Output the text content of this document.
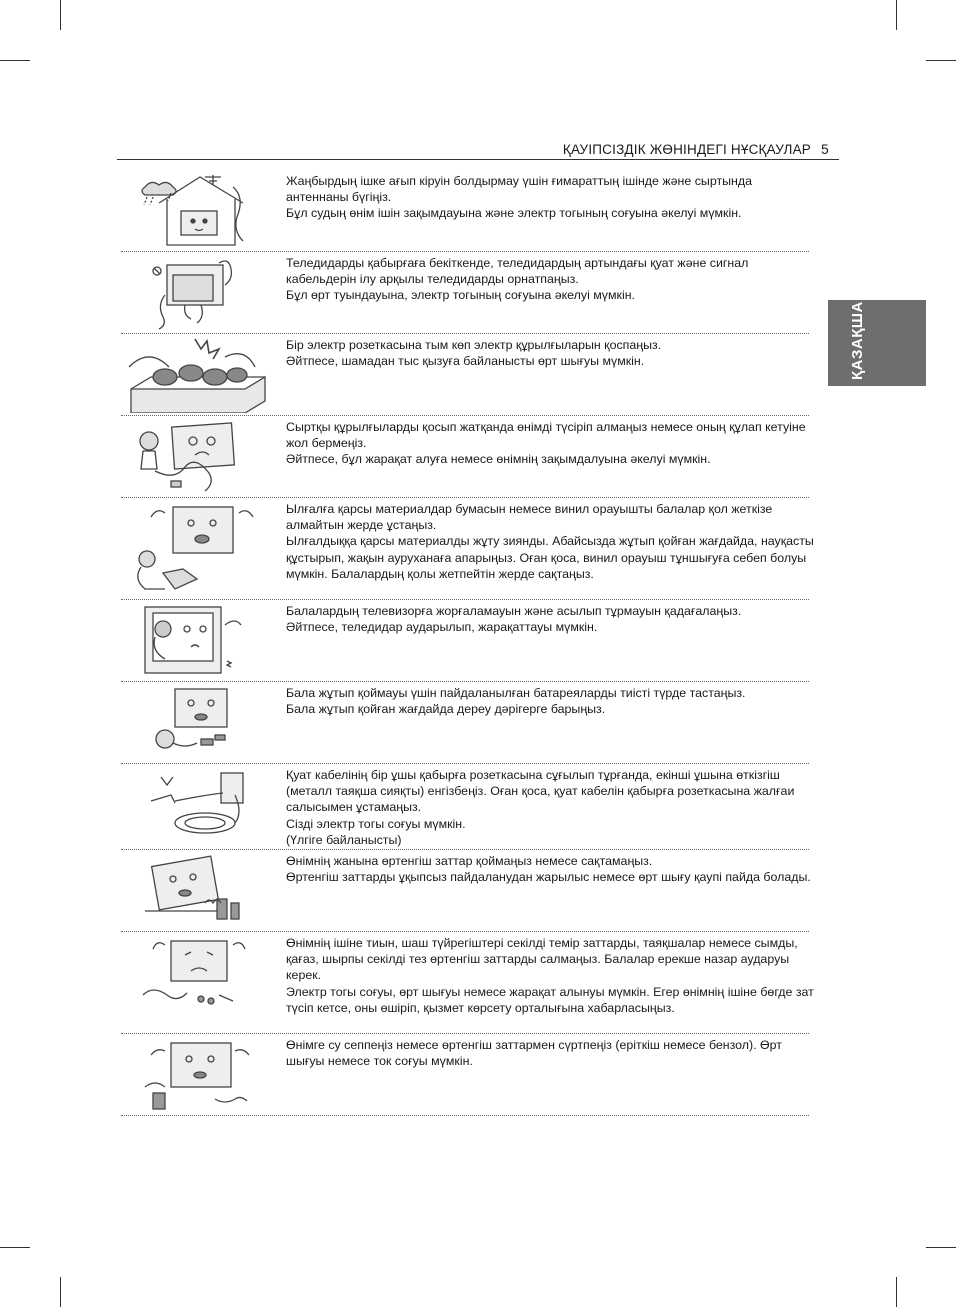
ҚАУІПСІЗДІК ЖӨНІНДЕГІ НҰСҚАУЛАР 5
ҚАЗАҚША

Жаңбырдың ішке ағып кіруін болдырмау үшін ғимараттың ішінде және сыртында антеннаны бүгіңіз.

Бұл судың өнім ішін зақымдауына және электр тогының соғуына әкелуі мүмкін.

Теледидарды қабырғаға бекіткенде, теледидардың артындағы қуат және сигнал кабельдерін ілу арқылы теледидарды орнатпаңыз.

Бұл өрт туындауына, электр тогының соғуына әкелуі мүмкін.

Бір электр розеткасына тым көп электр құрылғыларын қоспаңыз.

Әйтпесе, шамадан тыс қызуға байланысты өрт шығуы мүмкін.

Сыртқы құрылғыларды қосып жатқанда өнімді түсіріп алмаңыз немесе оның құлап кетуіне жол бермеңіз.

Әйтпесе, бұл жарақат алуға немесе өнімнің зақымдалуына әкелуі мүмкін.

Ылғалға қарсы материалдар бумасын немесе винил орауышты балалар қол жеткізе алмайтын жерде ұстаңыз.

Ылғалдыққа қарсы материалды жұту зиянды. Абайсызда жұтып қойған жағдайда, науқасты құстырып, жақын ауруханаға апарыңыз. Оған қоса, винил орауыш тұншығуға себеп болуы мүмкін. Балалардың қолы жетпейтін жерде сақтаңыз.

Балалардың телевизорға жорғаламауын және асылып тұрмауын қадағалаңыз.

Әйтпесе, теледидар аударылып, жарақаттауы мүмкін.

Бала жұтып қоймауы үшін пайдаланылған батареяларды тиісті түрде тастаңыз.

Бала жұтып қойған жағдайда дереу дәрігерге барыңыз.

Қуат кабелінің бір ұшы қабырға розеткасына сұғылып тұрғанда, екінші ұшына өткізгіш (металл таяқша сияқты) енгізбеңіз. Оған қоса, қуат кабелін қабырға розеткасына жалғаи салысымен ұстамаңыз.

Сізді электр тогы соғуы мүмкін.

(Үлгіге байланысты)

Өнімнің жанына өртенгіш заттар қоймаңыз немесе сақтамаңыз.

Өртенгіш заттарды ұқыпсыз пайдаланудан жарылыс немесе өрт шығу қаупі пайда болады.

Өнімнің ішіне тиын, шаш түйрегіштері секілді темір заттарды, таяқшалар немесе сымды, қағаз, шырпы секілді тез өртенгіш заттарды салмаңыз. Балалар ерекше назар аударуы керек.

Электр тогы соғуы, өрт шығуы немесе жарақат алынуы мүмкін. Егер өнімнің ішіне бөгде зат түсіп кетсе, оны өшіріп, қызмет көрсету орталығына хабарласыңыз.

Өнімге су сеппеңіз немесе өртенгіш заттармен сүртпеңіз (еріткіш немесе бензол). Өрт шығуы немесе ток соғуы мүмкін.
